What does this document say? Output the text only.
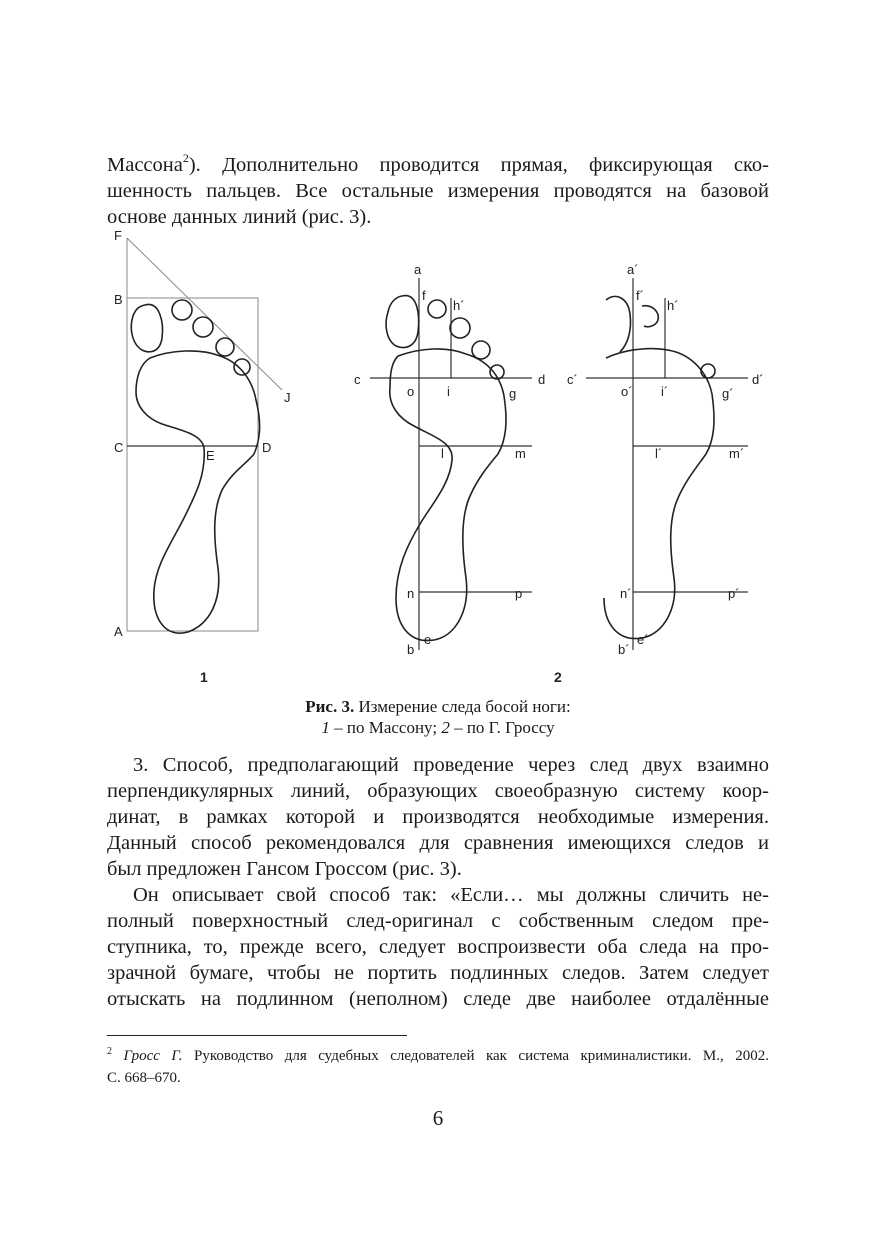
Массона$^2$). Дополнительно проводится прямая, фиксирующая ско-
шенность пальцев. Все остальные измерения проводятся на базовой
основе данных линий (рис. 3).
F
B
J
C
E
D
A
1
a
f
h´
c
o	i	g
d
l	m
n	p
b
e
a´
f´
h´
c´
o´ i´	g´
d´
l´	m´
n´	p´
b´
e´
2
Рис. 3. Измерение следа босой ноги:
1 – по Массону; 2 – по Г. Гроссу
3. Способ, предполагающий проведение через след двух взаимно
перпендикулярных линий, образующих своеобразную систему коор-
динат, в рамках которой и производятся необходимые измерения.
Данный способ рекомендовался для сравнения имеющихся следов и
был предложен Гансом Гроссом (рис. 3).
Он описывает свой способ так: «Если… мы должны сличить не-
полный поверхностный след-оригинал с собственным следом пре-
ступника, то, прежде всего, следует воспроизвести оба следа на про-
зрачной бумаге, чтобы не портить подлинных следов. Затем следует
отыскать на подлинном (неполном) следе две наиболее отдалённые
$^2$ Гросс Г. Руководство для судебных следователей как система криминалистики. М., 2002.
С. 668–670.
6
